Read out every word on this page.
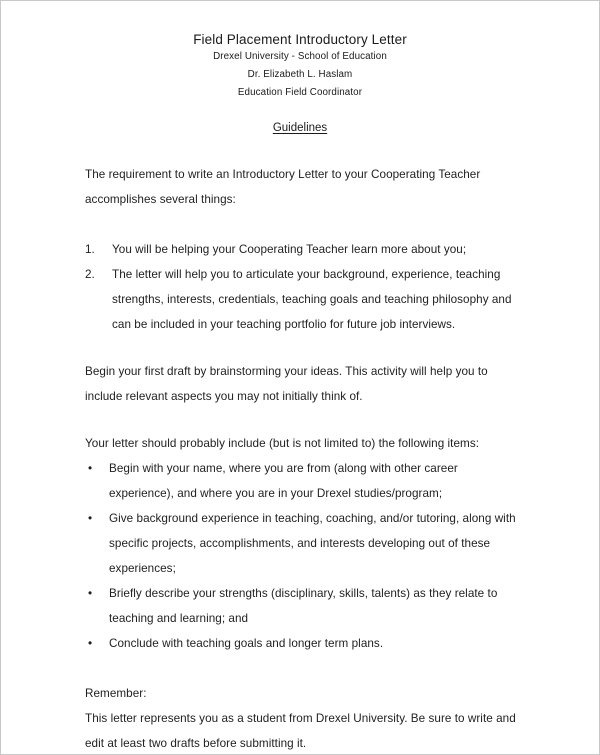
Field Placement Introductory Letter
Drexel University - School of Education
Dr. Elizabeth L. Haslam
Education Field Coordinator
Guidelines

The requirement to write an Introductory Letter to your Cooperating Teacher accomplishes several things:

1. You will be helping your Cooperating Teacher learn more about you;
2. The letter will help you to articulate your background, experience, teaching strengths, interests, credentials, teaching goals and teaching philosophy and can be included in your teaching portfolio for future job interviews.

Begin your first draft by brainstorming your ideas. This activity will help you to include relevant aspects you may not initially think of.

Your letter should probably include (but is not limited to) the following items:

• Begin with your name, where you are from (along with other career experience), and where you are in your Drexel studies/program;
• Give background experience in teaching, coaching, and/or tutoring, along with specific projects, accomplishments, and interests developing out of these experiences;
• Briefly describe your strengths (disciplinary, skills, talents) as they relate to teaching and learning; and
• Conclude with teaching goals and longer term plans.

Remember:

This letter represents you as a student from Drexel University. Be sure to write and edit at least two drafts before submitting it.
